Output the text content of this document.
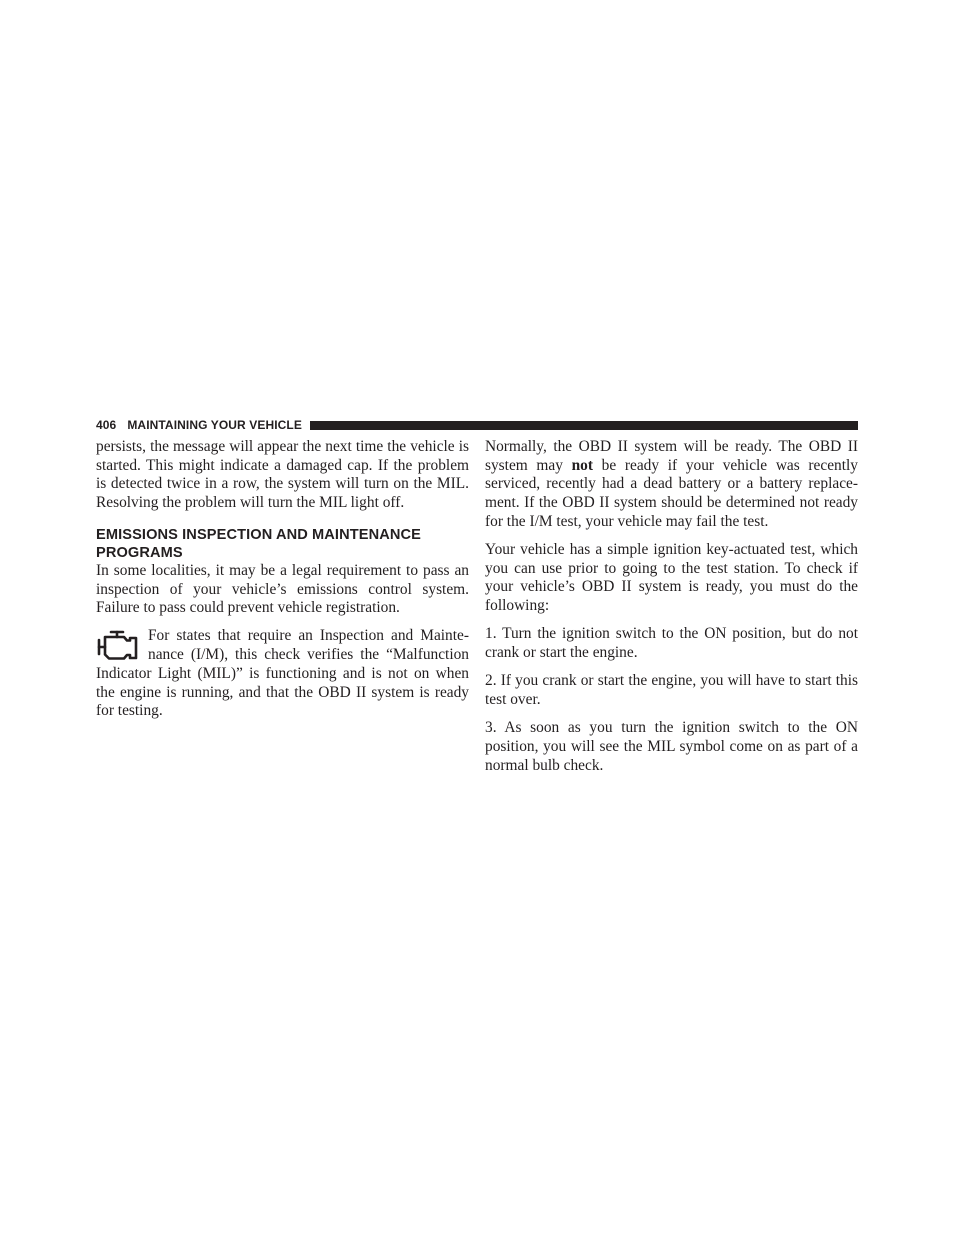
406 MAINTAINING YOUR VEHICLE

persists, the message will appear the next time the vehicle is started. This might indicate a damaged cap. If the problem is detected twice in a row, the system will turn on the MIL. Resolving the problem will turn the MIL light off.

EMISSIONS INSPECTION AND MAINTENANCE
PROGRAMS

In some localities, it may be a legal requirement to pass an inspection of your vehicle’s emissions control system. Failure to pass could prevent vehicle registration.

For states that require an Inspection and Maintenance (I/M), this check verifies the “Malfunction Indicator Light (MIL)” is functioning and is not on when the engine is running, and that the OBD II system is ready for testing.

Normally, the OBD II system will be ready. The OBD II system may not be ready if your vehicle was recently serviced, recently had a dead battery or a battery replacement. If the OBD II system should be determined not ready for the I/M test, your vehicle may fail the test.

Your vehicle has a simple ignition key-actuated test, which you can use prior to going to the test station. To check if your vehicle’s OBD II system is ready, you must do the following:

1. Turn the ignition switch to the ON position, but do not crank or start the engine.

2. If you crank or start the engine, you will have to start this test over.

3. As soon as you turn the ignition switch to the ON position, you will see the MIL symbol come on as part of a normal bulb check.
